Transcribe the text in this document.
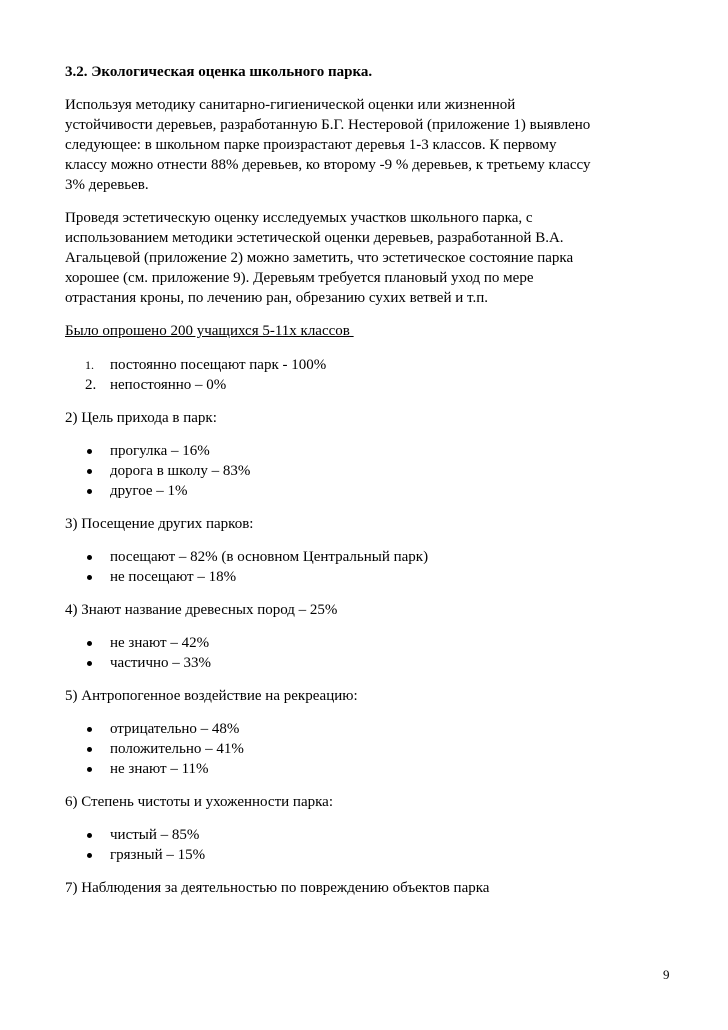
3.2. Экологическая оценка школьного парка.
Используя методику санитарно-гигиенической оценки или жизненной
устойчивости деревьев, разработанную Б.Г. Нестеровой (приложение 1) выявлено
следующее: в школьном парке произрастают деревья 1-3 классов. К первому
классу можно отнести 88% деревьев, ко второму -9 % деревьев, к третьему классу
3% деревьев.
Проведя эстетическую оценку исследуемых участков школьного парка, с
использованием методики эстетической оценки деревьев, разработанной В.А.
Агальцевой (приложение 2) можно заметить, что эстетическое состояние парка
хорошее (см. приложение 9). Деревьям требуется плановый уход по мере
отрастания кроны, по лечению ран, обрезанию сухих ветвей и т.п.
Было опрошено 200 учащихся 5-11х классов
1.	постоянно посещают парк - 100%
2. непостоянно – 0%
2) Цель прихода в парк:
прогулка – 16%
дорога в школу – 83%
другое – 1%
3) Посещение других парков:
посещают – 82% (в основном Центральный парк)
не посещают – 18%
4) Знают название древесных пород – 25%
не знают – 42%
частично – 33%
5) Антропогенное воздействие на рекреацию:
отрицательно – 48%
положительно – 41%
не знают – 11%
6) Степень чистоты и ухоженности парка:
чистый – 85%
грязный – 15%
7) Наблюдения за деятельностью по повреждению объектов парка
9
